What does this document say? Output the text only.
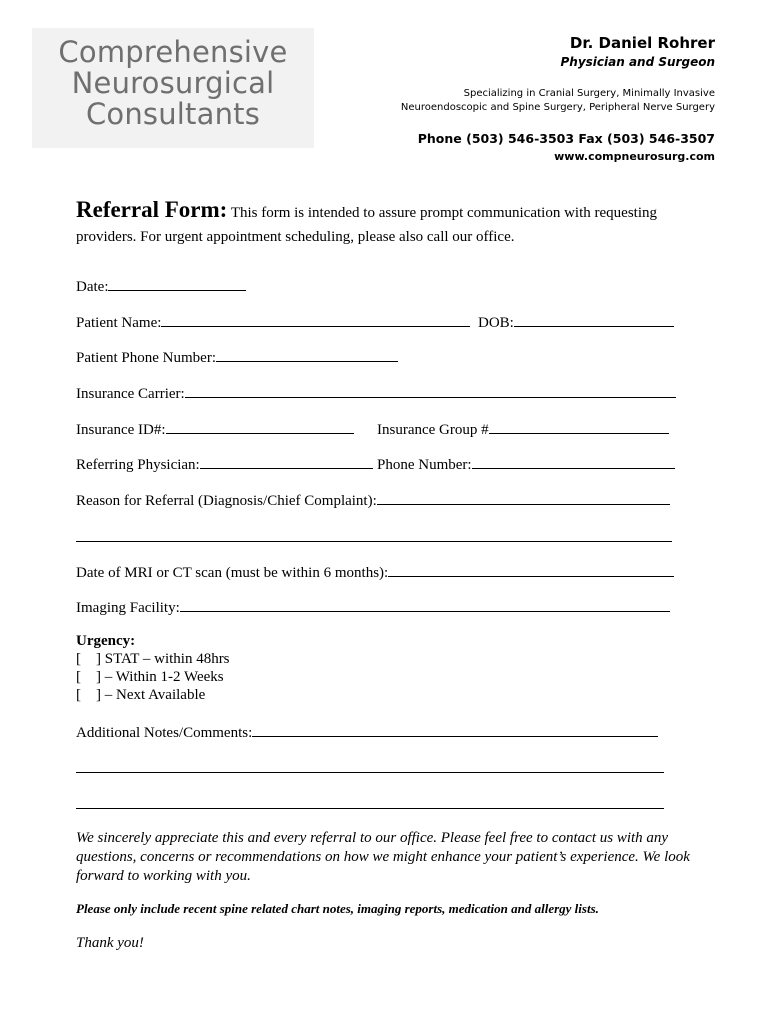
Comprehensive
Neurosurgical
Consultants
Dr. Daniel Rohrer
Physician and Surgeon
Specializing in Cranial Surgery, Minimally Invasive
Neuroendoscopic and Spine Surgery, Peripheral Nerve Surgery
Phone (503) 546-3503 Fax (503) 546-3507
www.compneurosurg.com
Referral Form: This form is intended to assure prompt communication with requesting
providers. For urgent appointment scheduling, please also call our office.
Date:
Patient Name:	DOB:
Patient Phone Number:
Insurance Carrier:
Insurance ID#:	Insurance Group #
Referring Physician:	Phone Number:
Reason for Referral (Diagnosis/Chief Complaint):
Date of MRI or CT scan (must be within 6 months):
Imaging Facility:
Urgency:
[    ] STAT – within 48hrs
[    ] – Within 1-2 Weeks
[    ] – Next Available
Additional Notes/Comments:
We sincerely appreciate this and every referral to our office. Please feel free to contact us with any questions, concerns or recommendations on how we might enhance your patient’s experience. We look forward to working with you.
Please only include recent spine related chart notes, imaging reports, medication and allergy lists.
Thank you!
